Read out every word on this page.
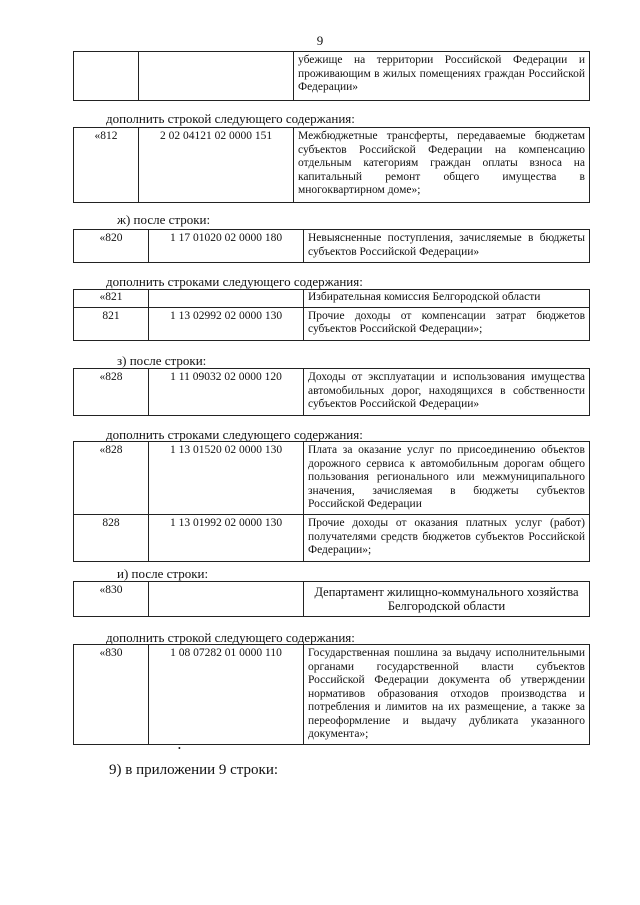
9
		убежище на территории Российской Федерации и проживающим в жилых помещениях граждан Российской Федерации»
дополнить строкой следующего содержания:
«812	2 02 04121 02 0000 151	Межбюджетные трансферты, передаваемые бюджетам субъектов Российской Федерации на компенсацию отдельным категориям граждан оплаты взноса на капитальный ремонт общего имущества в многоквартирном доме»;
ж) после строки:
«820	1 17 01020 02 0000 180	Невыясненные поступления, зачисляемые в бюджеты субъектов Российской Федерации»
дополнить строками следующего содержания:
«821		Избирательная комиссия Белгородской области
821	1 13 02992 02 0000 130	Прочие доходы от компенсации затрат бюджетов субъектов Российской Федерации»;
з) после строки:
«828	1 11 09032 02 0000 120	Доходы от эксплуатации и использования имущества автомобильных дорог, находящихся в собственности субъектов Российской Федерации»
дополнить строками следующего содержания:
«828	1 13 01520 02 0000 130	Плата за оказание услуг по присоединению объектов дорожного сервиса к автомобильным дорогам общего пользования регионального или межмуниципального значения, зачисляемая в бюджеты субъектов Российской Федерации
828	1 13 01992 02 0000 130	Прочие доходы от оказания платных услуг (работ) получателями средств бюджетов субъектов Российской Федерации»;
и) после строки:
«830		Департамент жилищно-коммунального хозяйства Белгородской области
дополнить строкой следующего содержания:
«830	1 08 07282 01 0000 110	Государственная пошлина за выдачу исполнительными органами государственной власти субъектов Российской Федерации документа об утверждении нормативов образования отходов производства и потребления и лимитов на их размещение, а также за переоформление и выдачу дубликата указанного документа»;
•
9) в приложении 9 строки:
